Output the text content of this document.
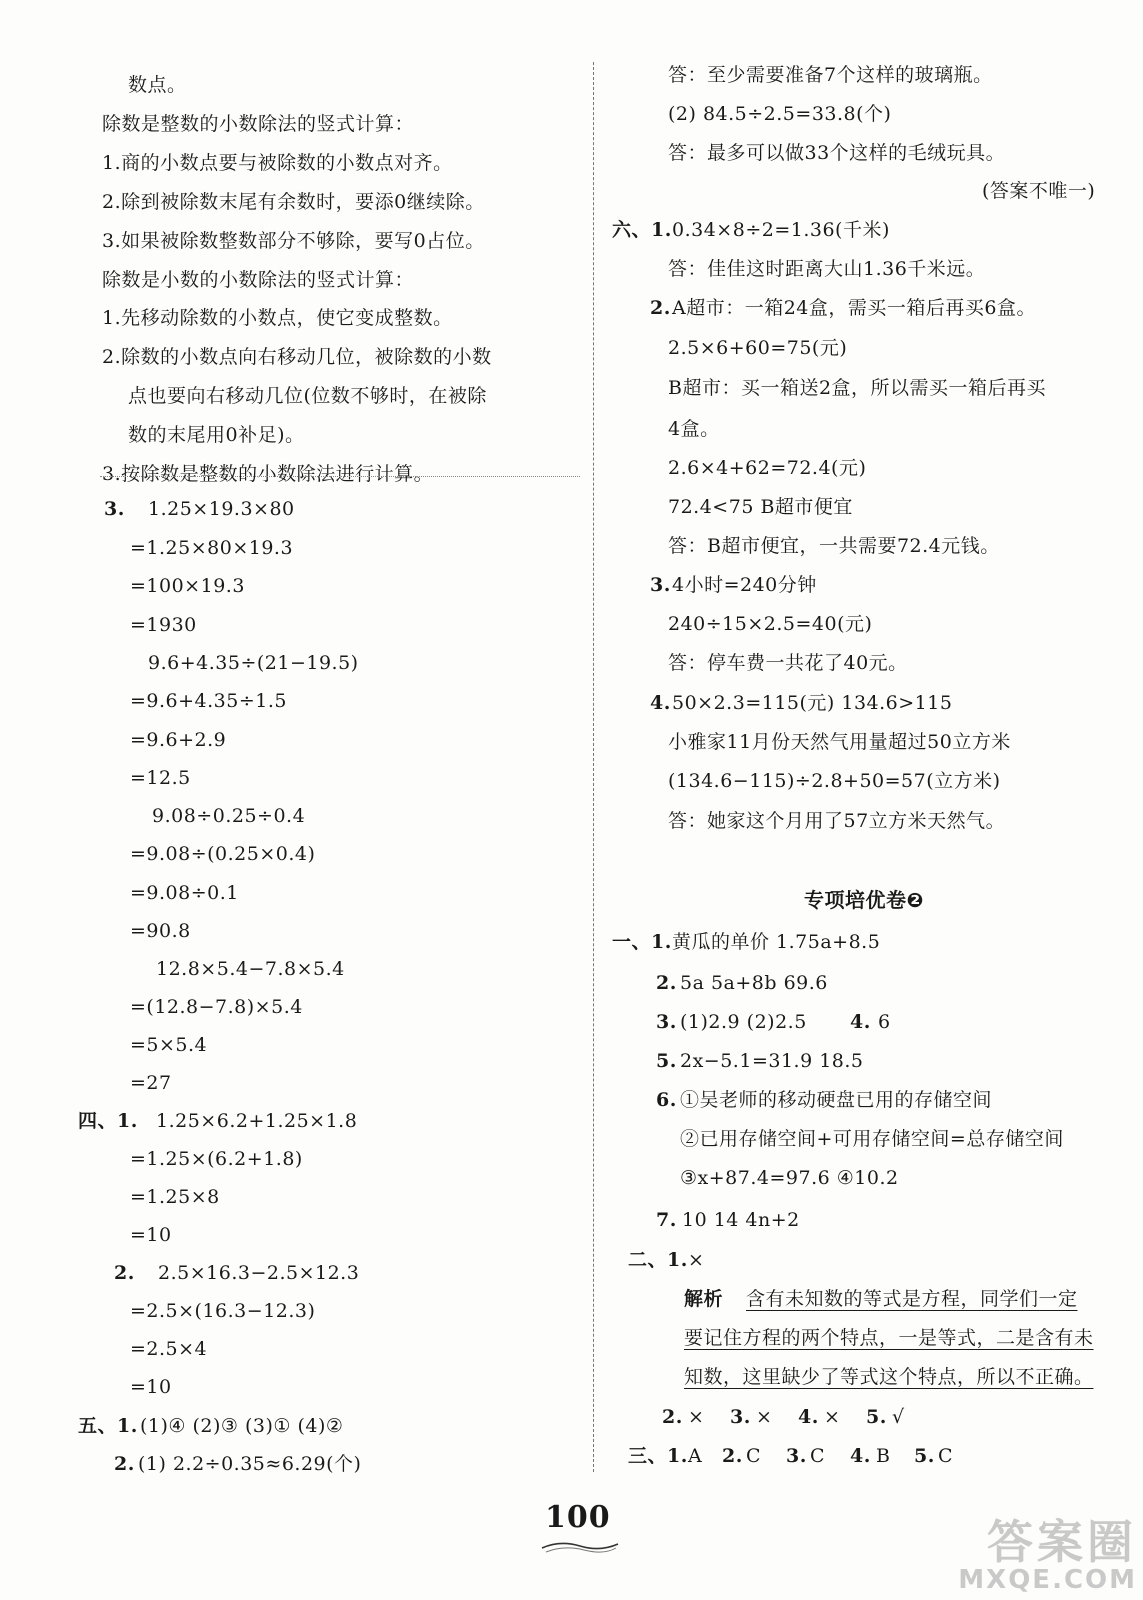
数点。
除数是整数的小数除法的竖式计算：
1.商的小数点要与被除数的小数点对齐。
2.除到被除数末尾有余数时，要添0继续除。
3.如果被除数整数部分不够除，要写0占位。
除数是小数的小数除法的竖式计算：
1.先移动除数的小数点，使它变成整数。
2.除数的小数点向右移动几位，被除数的小数
点也要向右移动几位(位数不够时，在被除
数的末尾用0补足)。
3.按除数是整数的小数除法进行计算。
3. 1.25×19.3×80
=1.25×80×19.3
=100×19.3
=1930
9.6+4.35÷(21−19.5)
=9.6+4.35÷1.5
=9.6+2.9
=12.5
9.08÷0.25÷0.4
=9.08÷(0.25×0.4)
=9.08÷0.1
=90.8
12.8×5.4−7.8×5.4
=(12.8−7.8)×5.4
=5×5.4
=27
四、1. 1.25×6.2+1.25×1.8
=1.25×(6.2+1.8)
=1.25×8
=10
2. 2.5×16.3−2.5×12.3
=2.5×(16.3−12.3)
=2.5×4
=10
五、1. (1)④ (2)③ (3)① (4)②
2. (1) 2.2÷0.35≈6.29(个)
答：至少需要准备7个这样的玻璃瓶。
(2) 84.5÷2.5=33.8(个)
答：最多可以做33个这样的毛绒玩具。
(答案不唯一)
六、1. 0.34×8÷2=1.36(千米)
答：佳佳这时距离大山1.36千米远。
2. A超市：一箱24盒，需买一箱后再买6盒。
2.5×6+60=75(元)
B超市：买一箱送2盒，所以需买一箱后再买
4盒。
2.6×4+62=72.4(元)
72.4<75 B超市便宜
答：B超市便宜，一共需要72.4元钱。
3. 4小时=240分钟
240÷15×2.5=40(元)
答：停车费一共花了40元。
4. 50×2.3=115(元) 134.6>115
小雅家11月份天然气用量超过50立方米
(134.6−115)÷2.8+50=57(立方米)
答：她家这个月用了57立方米天然气。
专项培优卷❷
一、1. 黄瓜的单价 1.75a+8.5
2. 5a 5a+8b 69.6
3. (1)2.9 (2)2.5 4. 6
5. 2x−5.1=31.9 18.5
6. ①吴老师的移动硬盘已用的存储空间
②已用存储空间+可用存储空间=总存储空间
③x+87.4=97.6 ④10.2
7. 10 14 4n+2
二、1. ×
解析 含有未知数的等式是方程，同学们一定
要记住方程的两个特点，一是等式，二是含有未
知数，这里缺少了等式这个特点，所以不正确。
2. × 3. × 4. × 5. √
三、1. A 2. C 3. C 4. B 5. C
100	答案圈
MXQE.COM
